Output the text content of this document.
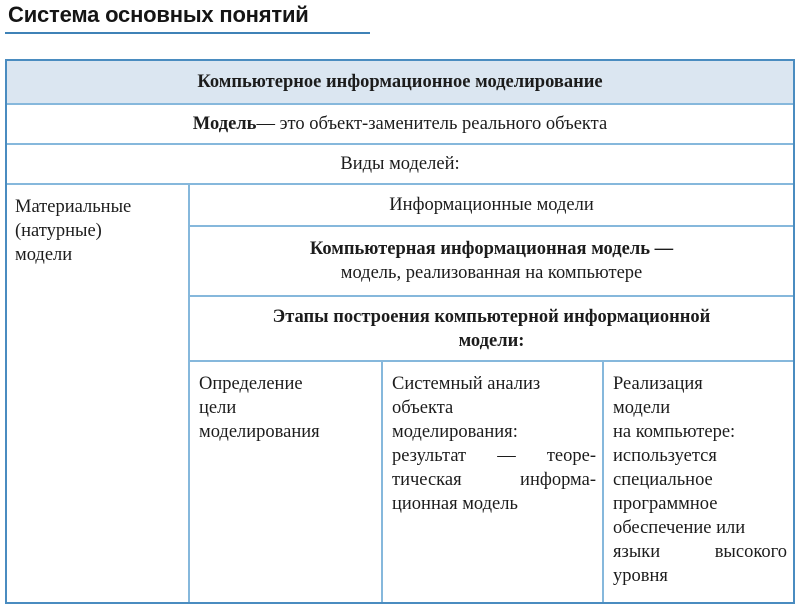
Система основных понятий
Компьютерное информационное моделирование
Модель — это объект-заменитель реального объекта
Виды моделей:
Материальные
(натурные)
модели
Информационные модели
Компьютерная информационная модель —
модель, реализованная на компьютере
Этапы построения компьютерной информационной
модели:
Определение
цели
моделирования
Системный анализ
объекта
моделирования:
результат — теоре-
тическая информа-
ционная модель
Реализация
модели
на компьютере:
используется
специальное
программное
обеспечение или
языки высокого
уровня
